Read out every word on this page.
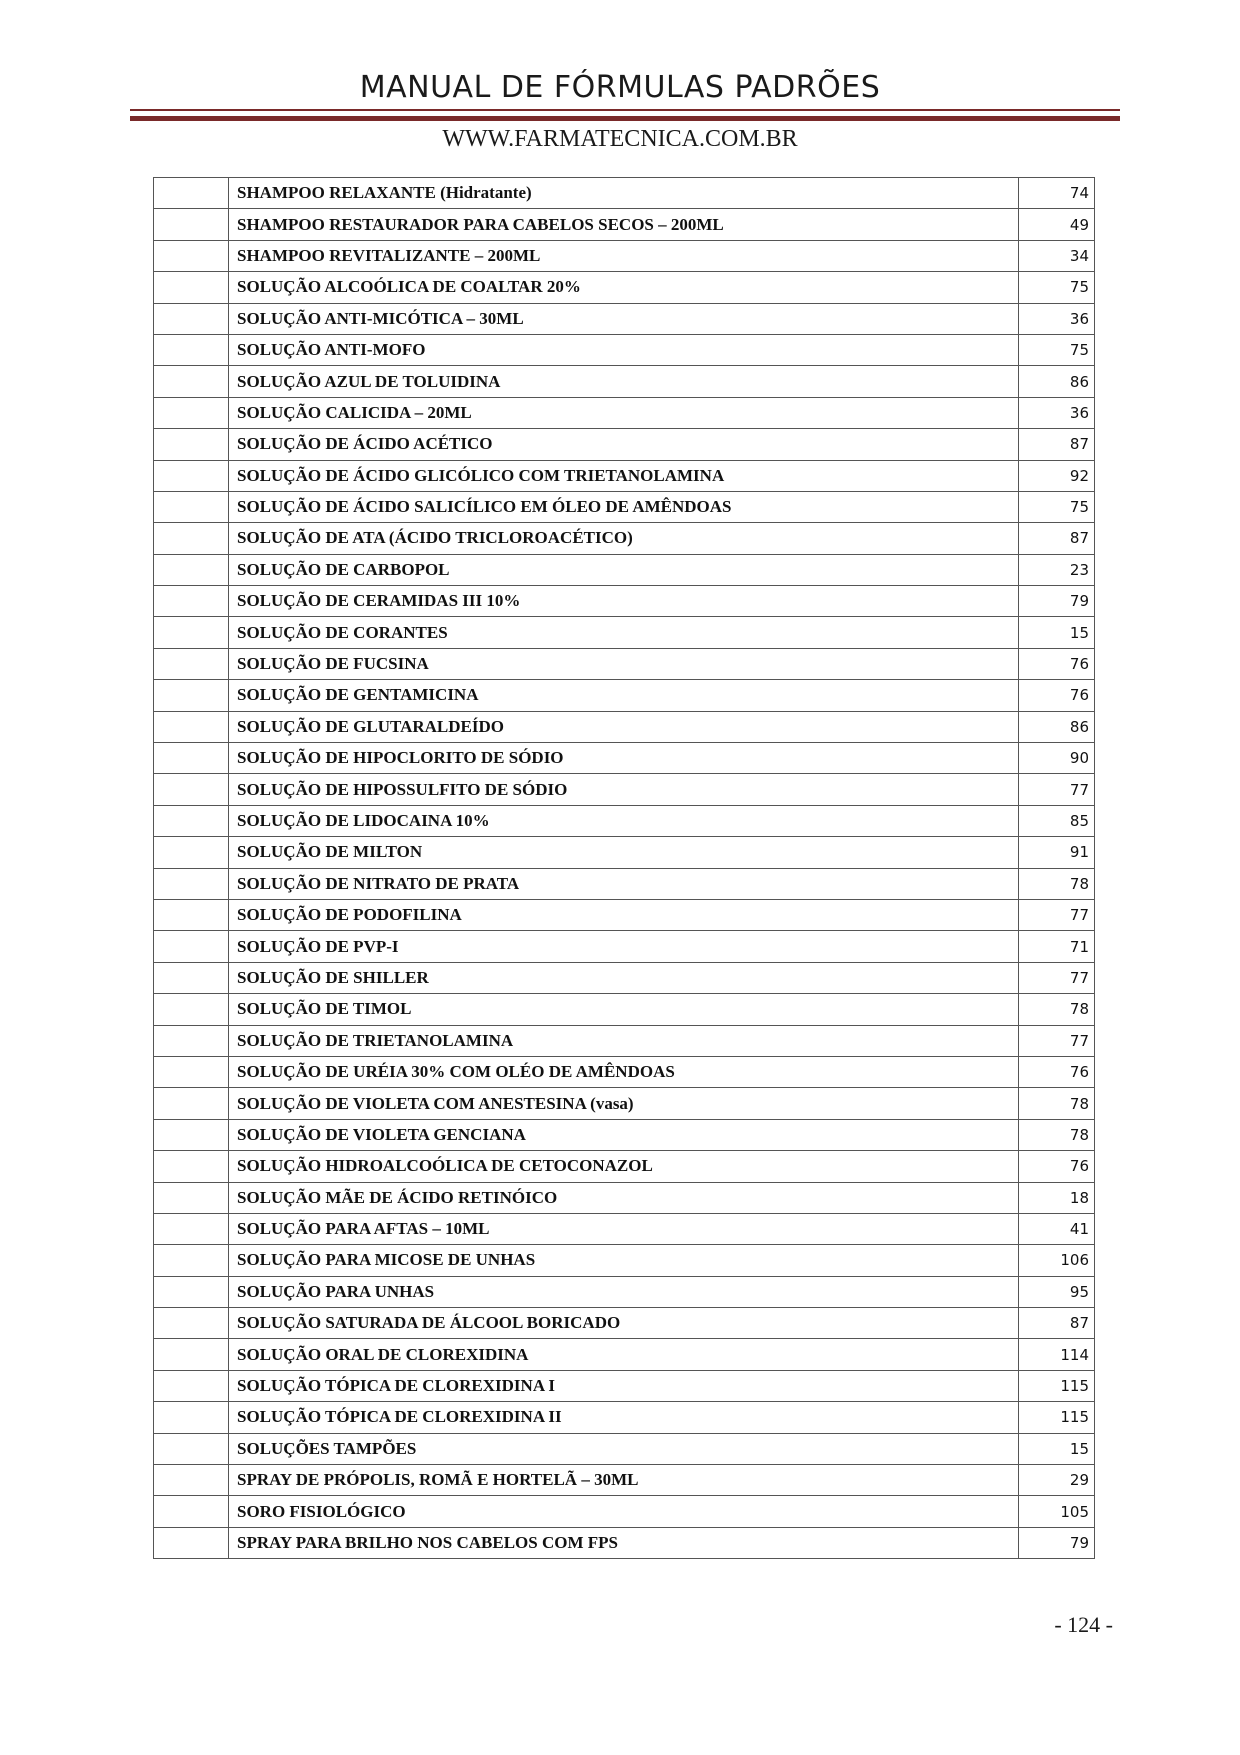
MANUAL DE FÓRMULAS PADRÕES
WWW.FARMATECNICA.COM.BR
	SHAMPOO RELAXANTE (Hidratante)	74
	SHAMPOO RESTAURADOR PARA CABELOS SECOS – 200ML	49
	SHAMPOO REVITALIZANTE – 200ML	34
	SOLUÇÃO ALCOÓLICA DE COALTAR 20%	75
	SOLUÇÃO ANTI-MICÓTICA – 30ML	36
	SOLUÇÃO ANTI-MOFO	75
	SOLUÇÃO AZUL DE TOLUIDINA	86
	SOLUÇÃO CALICIDA – 20ML	36
	SOLUÇÃO DE ÁCIDO ACÉTICO	87
	SOLUÇÃO DE ÁCIDO GLICÓLICO COM TRIETANOLAMINA	92
	SOLUÇÃO DE ÁCIDO SALICÍLICO EM ÓLEO DE AMÊNDOAS	75
	SOLUÇÃO DE ATA (ÁCIDO TRICLOROACÉTICO)	87
	SOLUÇÃO DE CARBOPOL	23
	SOLUÇÃO DE CERAMIDAS III 10%	79
	SOLUÇÃO DE CORANTES	15
	SOLUÇÃO DE FUCSINA	76
	SOLUÇÃO DE GENTAMICINA	76
	SOLUÇÃO DE GLUTARALDEÍDO	86
	SOLUÇÃO DE HIPOCLORITO DE SÓDIO	90
	SOLUÇÃO DE HIPOSSULFITO DE SÓDIO	77
	SOLUÇÃO DE LIDOCAINA 10%	85
	SOLUÇÃO DE MILTON	91
	SOLUÇÃO DE NITRATO DE PRATA	78
	SOLUÇÃO DE PODOFILINA	77
	SOLUÇÃO DE PVP-I	71
	SOLUÇÃO DE SHILLER	77
	SOLUÇÃO DE TIMOL	78
	SOLUÇÃO DE TRIETANOLAMINA	77
	SOLUÇÃO DE URÉIA 30% COM OLÉO DE AMÊNDOAS	76
	SOLUÇÃO DE VIOLETA COM ANESTESINA (vasa)	78
	SOLUÇÃO DE VIOLETA GENCIANA	78
	SOLUÇÃO HIDROALCOÓLICA DE CETOCONAZOL	76
	SOLUÇÃO MÃE DE ÁCIDO RETINÓICO	18
	SOLUÇÃO PARA AFTAS – 10ML	41
	SOLUÇÃO PARA MICOSE DE UNHAS	106
	SOLUÇÃO PARA UNHAS	95
	SOLUÇÃO SATURADA DE ÁLCOOL BORICADO	87
	SOLUÇÃO ORAL DE CLOREXIDINA	114
	SOLUÇÃO TÓPICA DE CLOREXIDINA I	115
	SOLUÇÃO TÓPICA DE CLOREXIDINA II	115
	SOLUÇÕES TAMPÕES	15
	SPRAY DE PRÓPOLIS, ROMÃ E HORTELÃ – 30ML	29
	SORO FISIOLÓGICO	105
	SPRAY PARA BRILHO NOS CABELOS COM FPS	79
- 124 -
